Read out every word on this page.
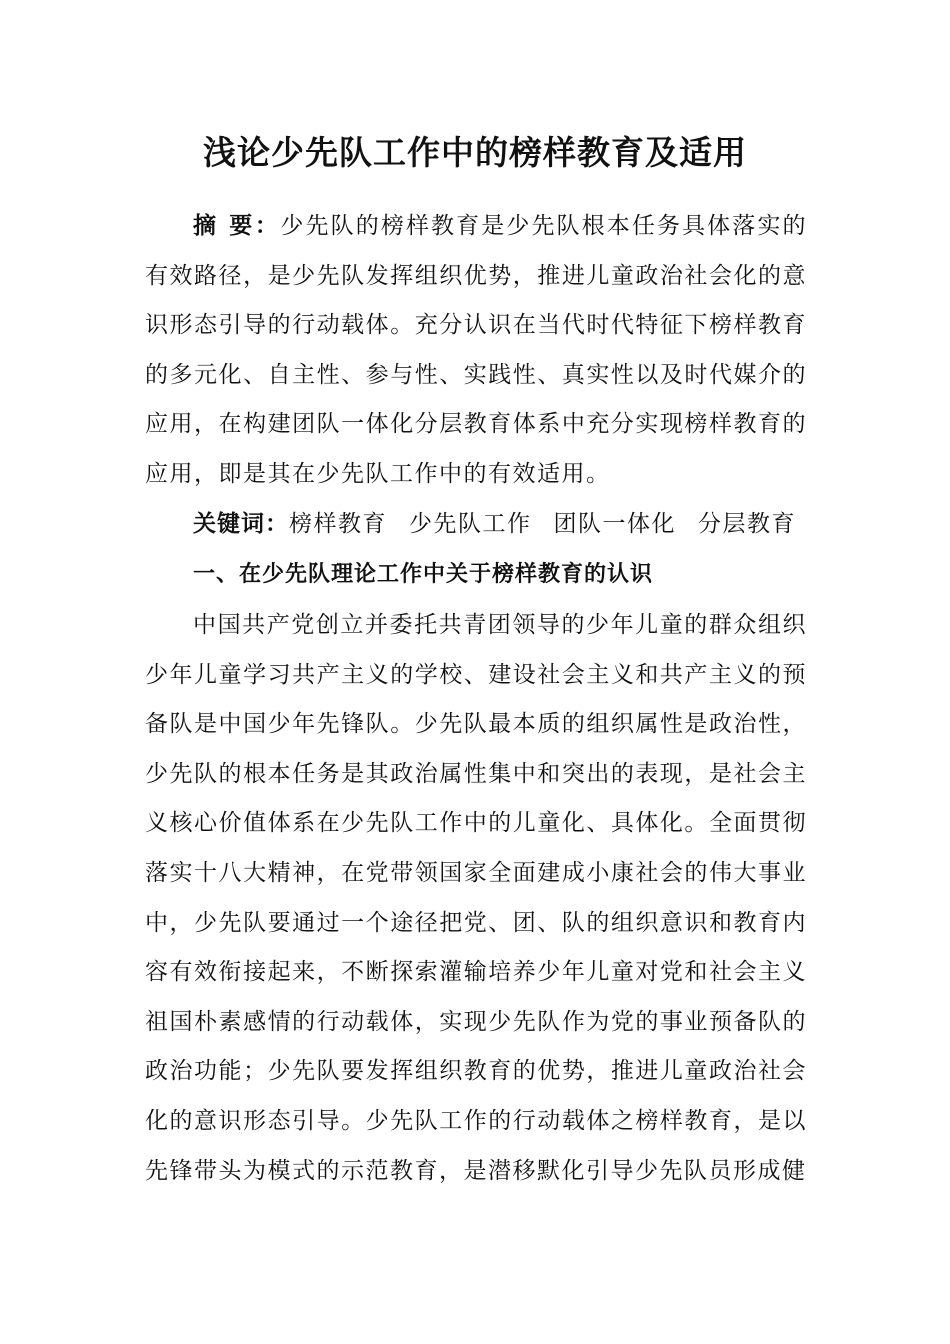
浅论少先队工作中的榜样教育及适用

摘 要：少先队的榜样教育是少先队根本任务具体落实的有效路径，是少先队发挥组织优势，推进儿童政治社会化的意识形态引导的行动载体。充分认识在当代时代特征下榜样教育的多元化、自主性、参与性、实践性、真实性以及时代媒介的应用，在构建团队一体化分层教育体系中充分实现榜样教育的应用，即是其在少先队工作中的有效适用。

关键词：榜样教育 少先队工作 团队一体化 分层教育

一、在少先队理论工作中关于榜样教育的认识

中国共产党创立并委托共青团领导的少年儿童的群众组织少年儿童学习共产主义的学校、建设社会主义和共产主义的预备队是中国少年先锋队。少先队最本质的组织属性是政治性，少先队的根本任务是其政治属性集中和突出的表现，是社会主义核心价值体系在少先队工作中的儿童化、具体化。全面贯彻落实十八大精神，在党带领国家全面建成小康社会的伟大事业中，少先队要通过一个途径把党、团、队的组织意识和教育内容有效衔接起来，不断探索灌输培养少年儿童对党和社会主义祖国朴素感情的行动载体，实现少先队作为党的事业预备队的政治功能；少先队要发挥组织教育的优势，推进儿童政治社会化的意识形态引导。少先队工作的行动载体之榜样教育，是以先锋带头为模式的示范教育，是潜移默化引导少先队员形成健
